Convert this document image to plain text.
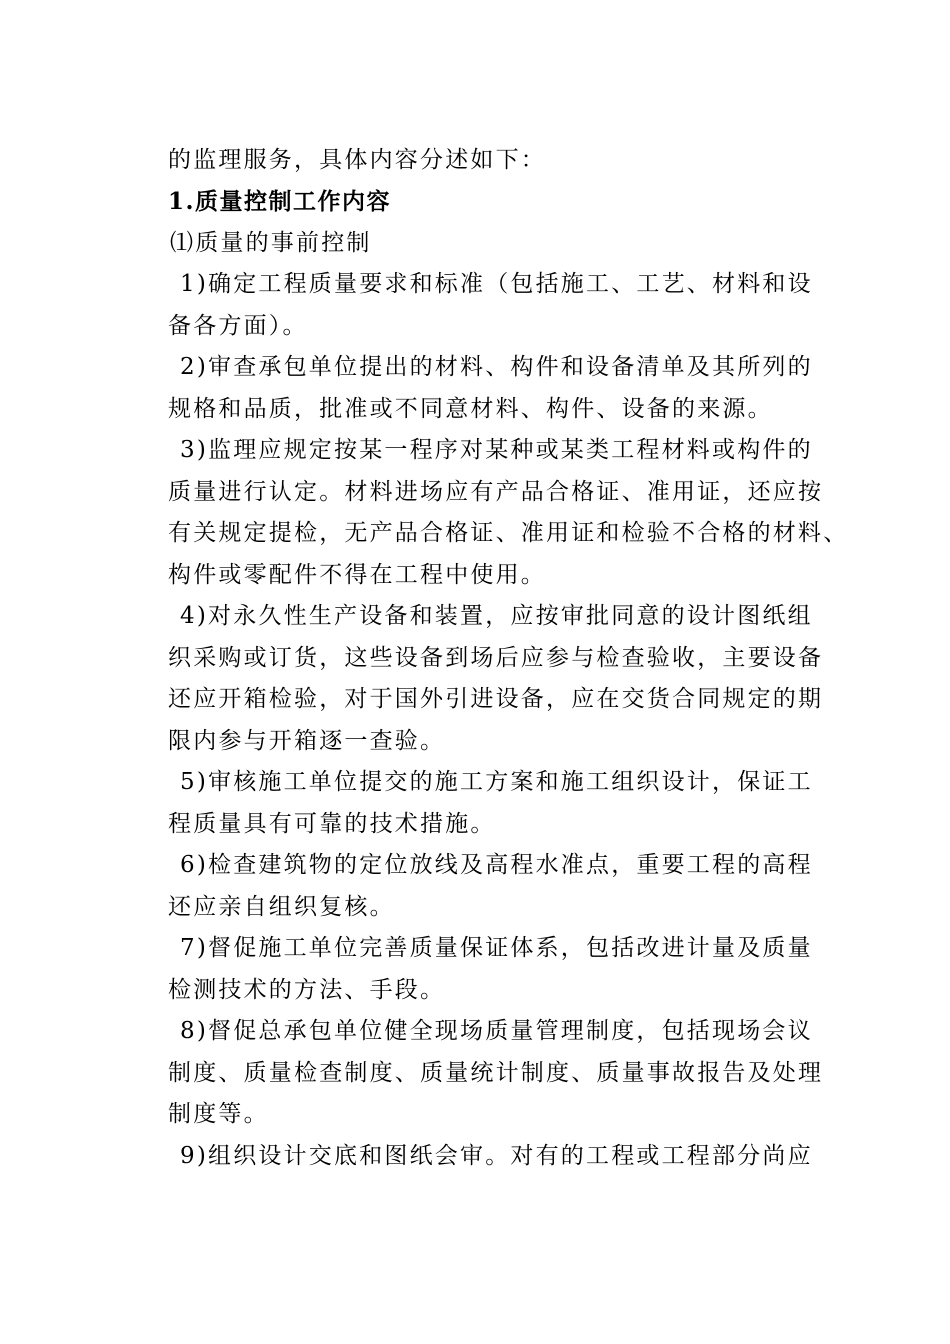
的监理服务，具体内容分述如下：
1.质量控制工作内容
⑴质量的事前控制
1)确定工程质量要求和标准（包括施工、工艺、材料和设
备各方面）。
2)审查承包单位提出的材料、构件和设备清单及其所列的
规格和品质，批准或不同意材料、构件、设备的来源。
3)监理应规定按某一程序对某种或某类工程材料或构件的
质量进行认定。材料进场应有产品合格证、准用证，还应按
有关规定提检，无产品合格证、准用证和检验不合格的材料、
构件或零配件不得在工程中使用。
4)对永久性生产设备和装置，应按审批同意的设计图纸组
织采购或订货，这些设备到场后应参与检查验收，主要设备
还应开箱检验，对于国外引进设备，应在交货合同规定的期
限内参与开箱逐一查验。
5)审核施工单位提交的施工方案和施工组织设计，保证工
程质量具有可靠的技术措施。
6)检查建筑物的定位放线及高程水准点，重要工程的高程
还应亲自组织复核。
7)督促施工单位完善质量保证体系，包括改进计量及质量
检测技术的方法、手段。
8)督促总承包单位健全现场质量管理制度，包括现场会议
制度、质量检查制度、质量统计制度、质量事故报告及处理
制度等。
9)组织设计交底和图纸会审。对有的工程或工程部分尚应
